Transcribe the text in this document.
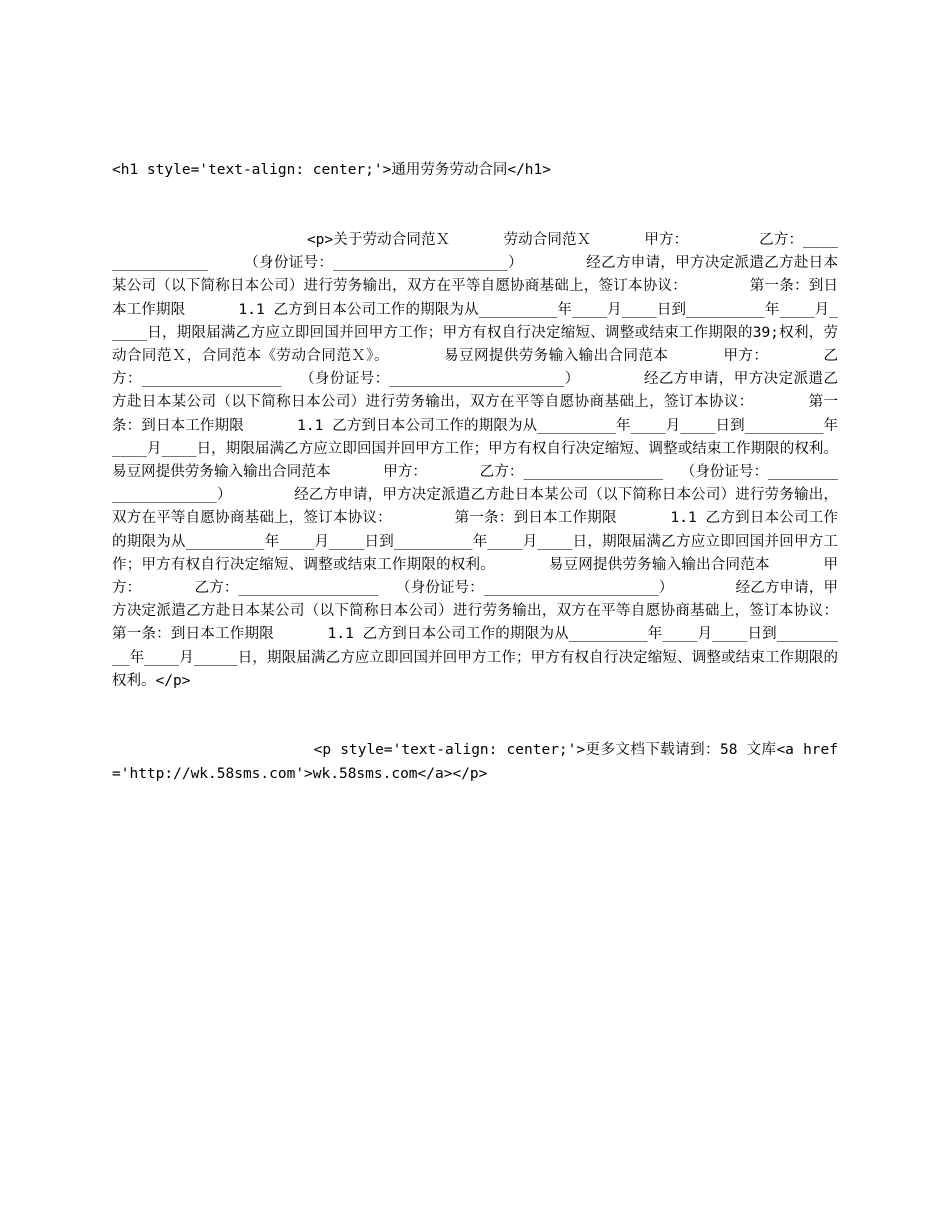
<h1 style='text-align: center;'>通用劳务劳动合同</h1>

<p>关于劳动合同范Ｘ      劳动合同范Ｘ      甲方：        乙方：_______________    （身份证号：____________________）       经乙方申请，甲方决定派遣乙方赴日本某公司（以下简称日本公司）进行劳务输出，双方在平等自愿协商基础上，签订本协议：       第一条：到日本工作期限      1.1 乙方到日本公司工作的期限为从_________年____月____日到_________年____月_____日，期限届满乙方应立即回国并回甲方工作；甲方有权自行决定缩短、调整或结束工作期限的39;权利，劳动合同范Ｘ，合同范本《劳动合同范Ｘ》。      易豆网提供劳务输入输出合同范本      甲方：      乙方：________________  （身份证号：____________________）       经乙方申请，甲方决定派遣乙方赴日本某公司（以下简称日本公司）进行劳务输出，双方在平等自愿协商基础上，签订本协议：      第一条：到日本工作期限      1.1 乙方到日本公司工作的期限为从_________年____月____日到_________年____月____日，期限届满乙方应立即回国并回甲方工作；甲方有权自行决定缩短、调整或结束工作期限的权利。      易豆网提供劳务输入输出合同范本      甲方：      乙方：________________  （身份证号：____________________）       经乙方申请，甲方决定派遣乙方赴日本某公司（以下简称日本公司）进行劳务输出，双方在平等自愿协商基础上，签订本协议：       第一条：到日本工作期限      1.1 乙方到日本公司工作的期限为从_________年____月____日到_________年____月____日，期限届满乙方应立即回国并回甲方工作；甲方有权自行决定缩短、调整或结束工作期限的权利。      易豆网提供劳务输入输出合同范本      甲方：      乙方：________________  （身份证号：____________________）       经乙方申请，甲方决定派遣乙方赴日本某公司（以下简称日本公司）进行劳务输出，双方在平等自愿协商基础上，签订本协议：      第一条：到日本工作期限      1.1 乙方到日本公司工作的期限为从_________年____月____日到_________年____月_____日，期限届满乙方应立即回国并回甲方工作；甲方有权自行决定缩短、调整或结束工作期限的权利。</p>

<p style='text-align: center;'>更多文档下载请到：58 文库<a href='http://wk.58sms.com'>wk.58sms.com</a></p>
